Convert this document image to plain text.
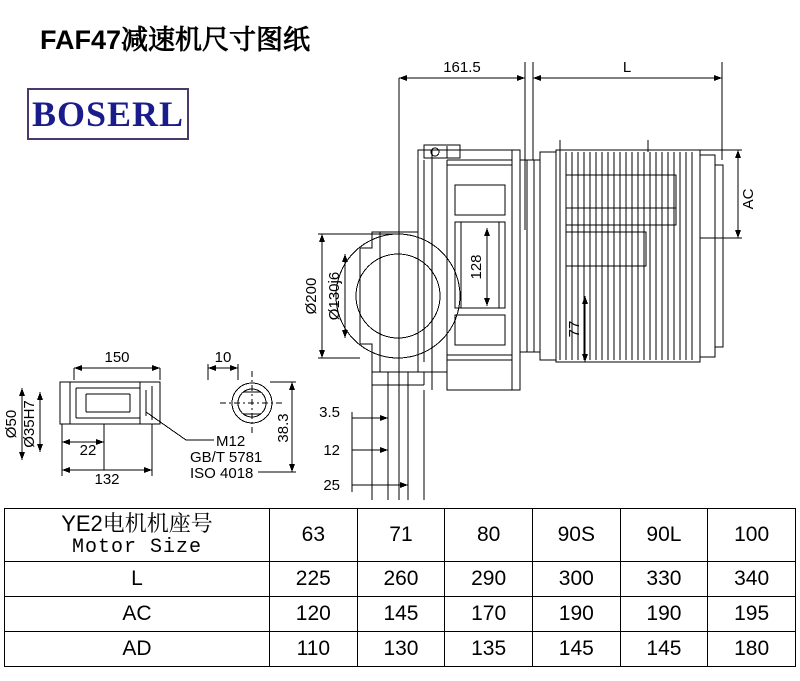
FAF47减速机尺寸图纸
BOSERL
161.5	L
AC
Ø200 Ø130j6
128
77
3.5
12
25
150	10
22
132
Ø50 Ø35H7	38.3
M12
GB/T 5781
ISO 4018
YE2电机机座号
Motor Size	63	71	80	90S	90L	100
L	225	260	290	300	330	340
AC	120	145	170	190	190	195
AD	110	130	135	145	145	180
